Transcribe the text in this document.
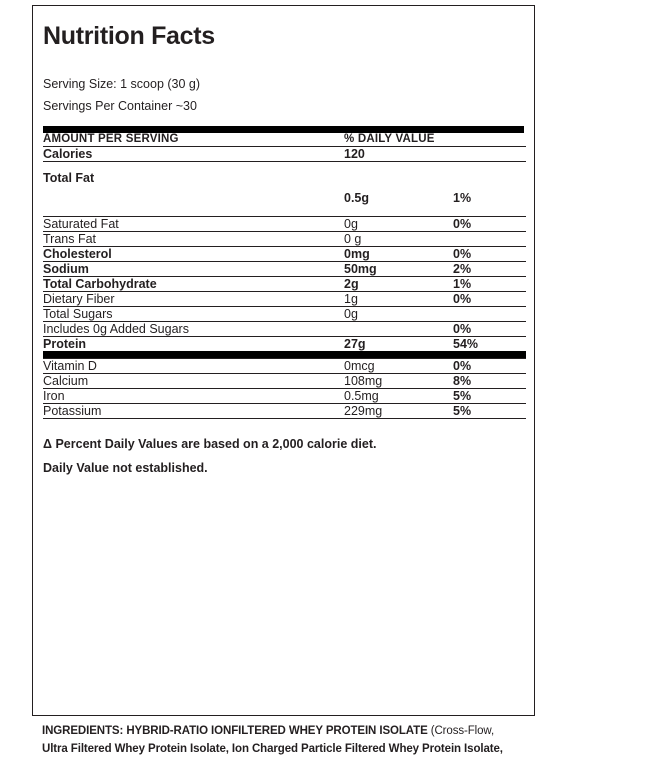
Nutrition Facts
Serving Size: 1 scoop (30 g)
Servings Per Container ~30
AMOUNT PER SERVING	% DAILY VALUE	
Calories	120	
Total Fat	0.5g	1%
Saturated Fat	0g	0%
Trans Fat	0 g	
Cholesterol	0mg	0%
Sodium	50mg	2%
Total Carbohydrate	2g	1%
Dietary Fiber	1g	0%
Total Sugars	0g	
Includes 0g Added Sugars		0%
Protein	27g	54%

Vitamin D	0mcg	0%
Calcium	108mg	8%
Iron	0.5mg	5%
Potassium	229mg	5%

Δ Percent Daily Values are based on a 2,000 calorie diet.
Daily Value not established.
INGREDIENTS: HYBRID-RATIO IONFILTERED WHEY PROTEIN ISOLATE (Cross-Flow,
Ultra Filtered Whey Protein Isolate, Ion Charged Particle Filtered Whey Protein Isolate,
